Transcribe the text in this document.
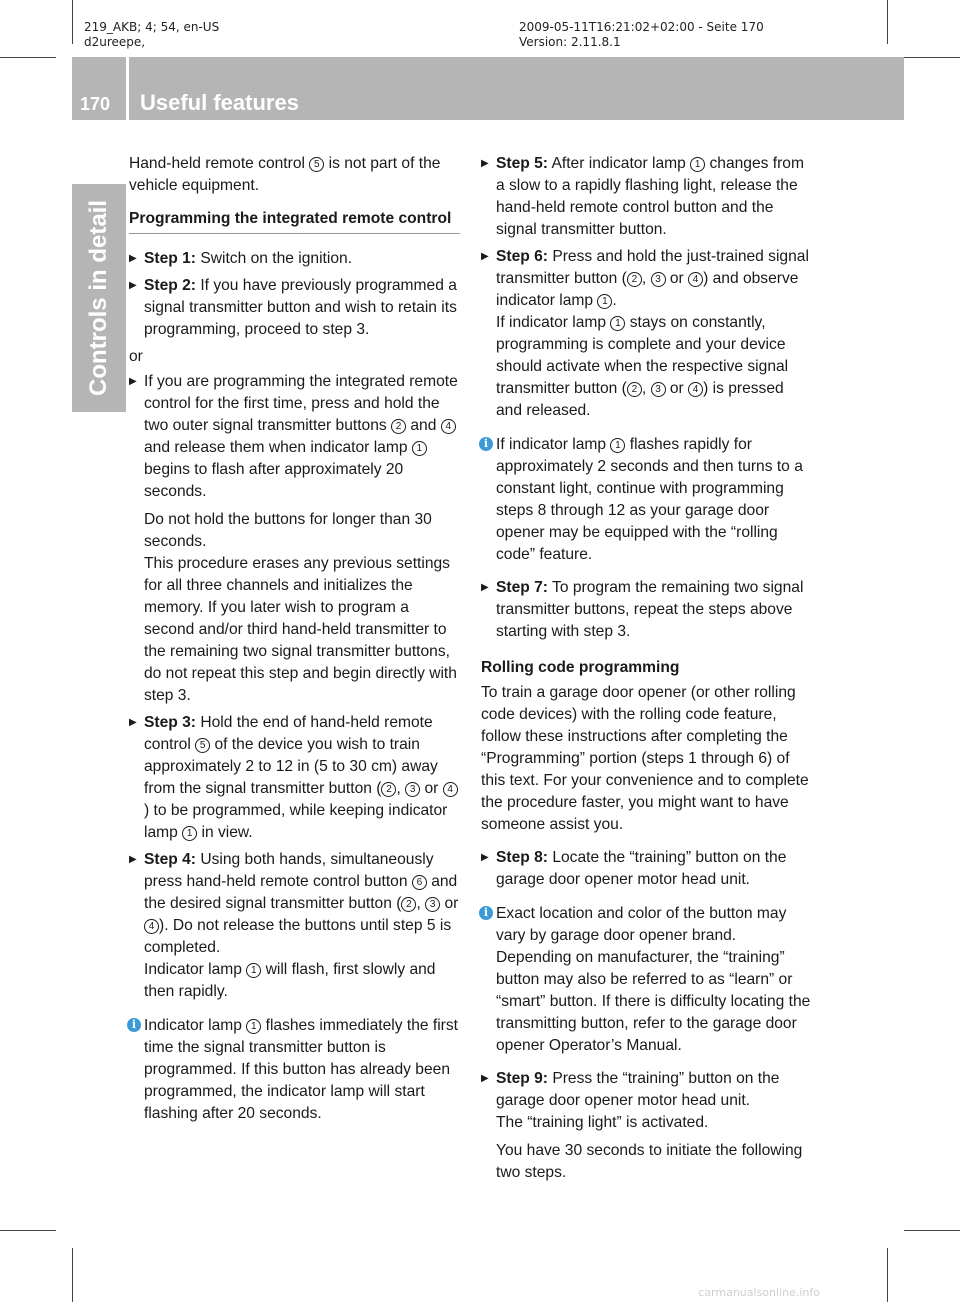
219_AKB; 4; 54, en-US
d2ureepe,
2009-05-11T16:21:02+02:00 - Seite 170
Version: 2.11.8.1
170 Useful features
Controls in detail

Hand-held remote control 5 is not part of the vehicle equipment.

Programming the integrated remote control

▶ Step 1: Switch on the ignition.

▶ Step 2: If you have previously programmed a signal transmitter button and wish to retain its programming, proceed to step 3.

or

▶ If you are programming the integrated remote control for the first time, press and hold the two outer signal transmitter buttons 2 and 4 and release them when indicator lamp 1 begins to flash after approximately 20 seconds.
Do not hold the buttons for longer than 30 seconds.
This procedure erases any previous settings for all three channels and initializes the memory. If you later wish to program a second and/or third hand-held transmitter to the remaining two signal transmitter buttons, do not repeat this step and begin directly with step 3.

▶ Step 3: Hold the end of hand-held remote control 5 of the device you wish to train approximately 2 to 12 in (5 to 30 cm) away from the signal transmitter button ( 2 , 3 or 4) to be programmed, while keeping indicator lamp 1 in view.

▶ Step 4: Using both hands, simultaneously press hand-held remote control button 6 and the desired signal transmitter button ( 2 , 3 or 4 ). Do not release the buttons until step 5 is completed.
Indicator lamp 1 will flash, first slowly and then rapidly.

i Indicator lamp 1 flashes immediately the first time the signal transmitter button is programmed. If this button has already been programmed, the indicator lamp will start flashing after 20 seconds.

▶ Step 5: After indicator lamp 1 changes from a slow to a rapidly flashing light, release the hand-held remote control button and the signal transmitter button.

▶ Step 6: Press and hold the just-trained signal transmitter button ( 2 , 3 or 4 ) and observe indicator lamp 1 .
If indicator lamp 1 stays on constantly, programming is complete and your device should activate when the respective signal transmitter button ( 2 , 3 or 4 ) is pressed and released.

i If indicator lamp 1 flashes rapidly for approximately 2 seconds and then turns to a constant light, continue with programming steps 8 through 12 as your garage door opener may be equipped with the “rolling code” feature.

▶ Step 7: To program the remaining two signal transmitter buttons, repeat the steps above starting with step 3.

Rolling code programming

To train a garage door opener (or other rolling code devices) with the rolling code feature, follow these instructions after completing the “Programming” portion (steps 1 through 6) of this text. For your convenience and to complete the procedure faster, you might want to have someone assist you.

▶ Step 8: Locate the “training” button on the garage door opener motor head unit.

i Exact location and color of the button may vary by garage door opener brand. Depending on manufacturer, the “training” button may also be referred to as “learn” or “smart” button. If there is difficulty locating the transmitting button, refer to the garage door opener Operator’s Manual.

▶ Step 9: Press the “training” button on the garage door opener motor head unit.
The “training light” is activated.
You have 30 seconds to initiate the following two steps.

carmanualsonline.info
